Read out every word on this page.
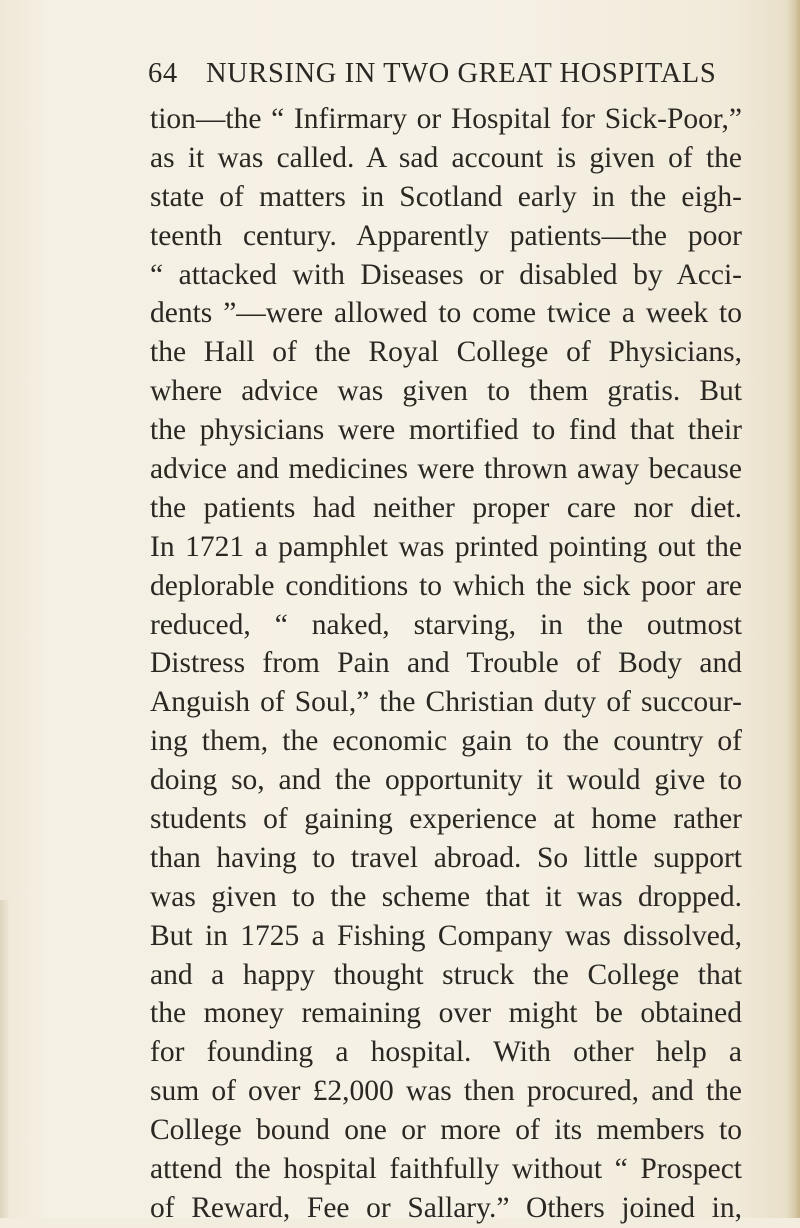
64 NURSING IN TWO GREAT HOSPITALS
tion—the “ Infirmary or Hospital for Sick-Poor,”
as it was called. A sad account is given of the
state of matters in Scotland early in the eigh-
teenth century. Apparently patients—the poor
“ attacked with Diseases or disabled by Acci-
dents ”—were allowed to come twice a week to
the Hall of the Royal College of Physicians,
where advice was given to them gratis. But
the physicians were mortified to find that their
advice and medicines were thrown away because
the patients had neither proper care nor diet.
In 1721 a pamphlet was printed pointing out the
deplorable conditions to which the sick poor are
reduced, “ naked, starving, in the outmost
Distress from Pain and Trouble of Body and
Anguish of Soul,” the Christian duty of succour-
ing them, the economic gain to the country of
doing so, and the opportunity it would give to
students of gaining experience at home rather
than having to travel abroad. So little support
was given to the scheme that it was dropped.
But in 1725 a Fishing Company was dissolved,
and a happy thought struck the College that
the money remaining over might be obtained
for founding a hospital. With other help a
sum of over £2,000 was then procured, and the
College bound one or more of its members to
attend the hospital faithfully without “ Prospect
of Reward, Fee or Sallary.” Others joined in,
